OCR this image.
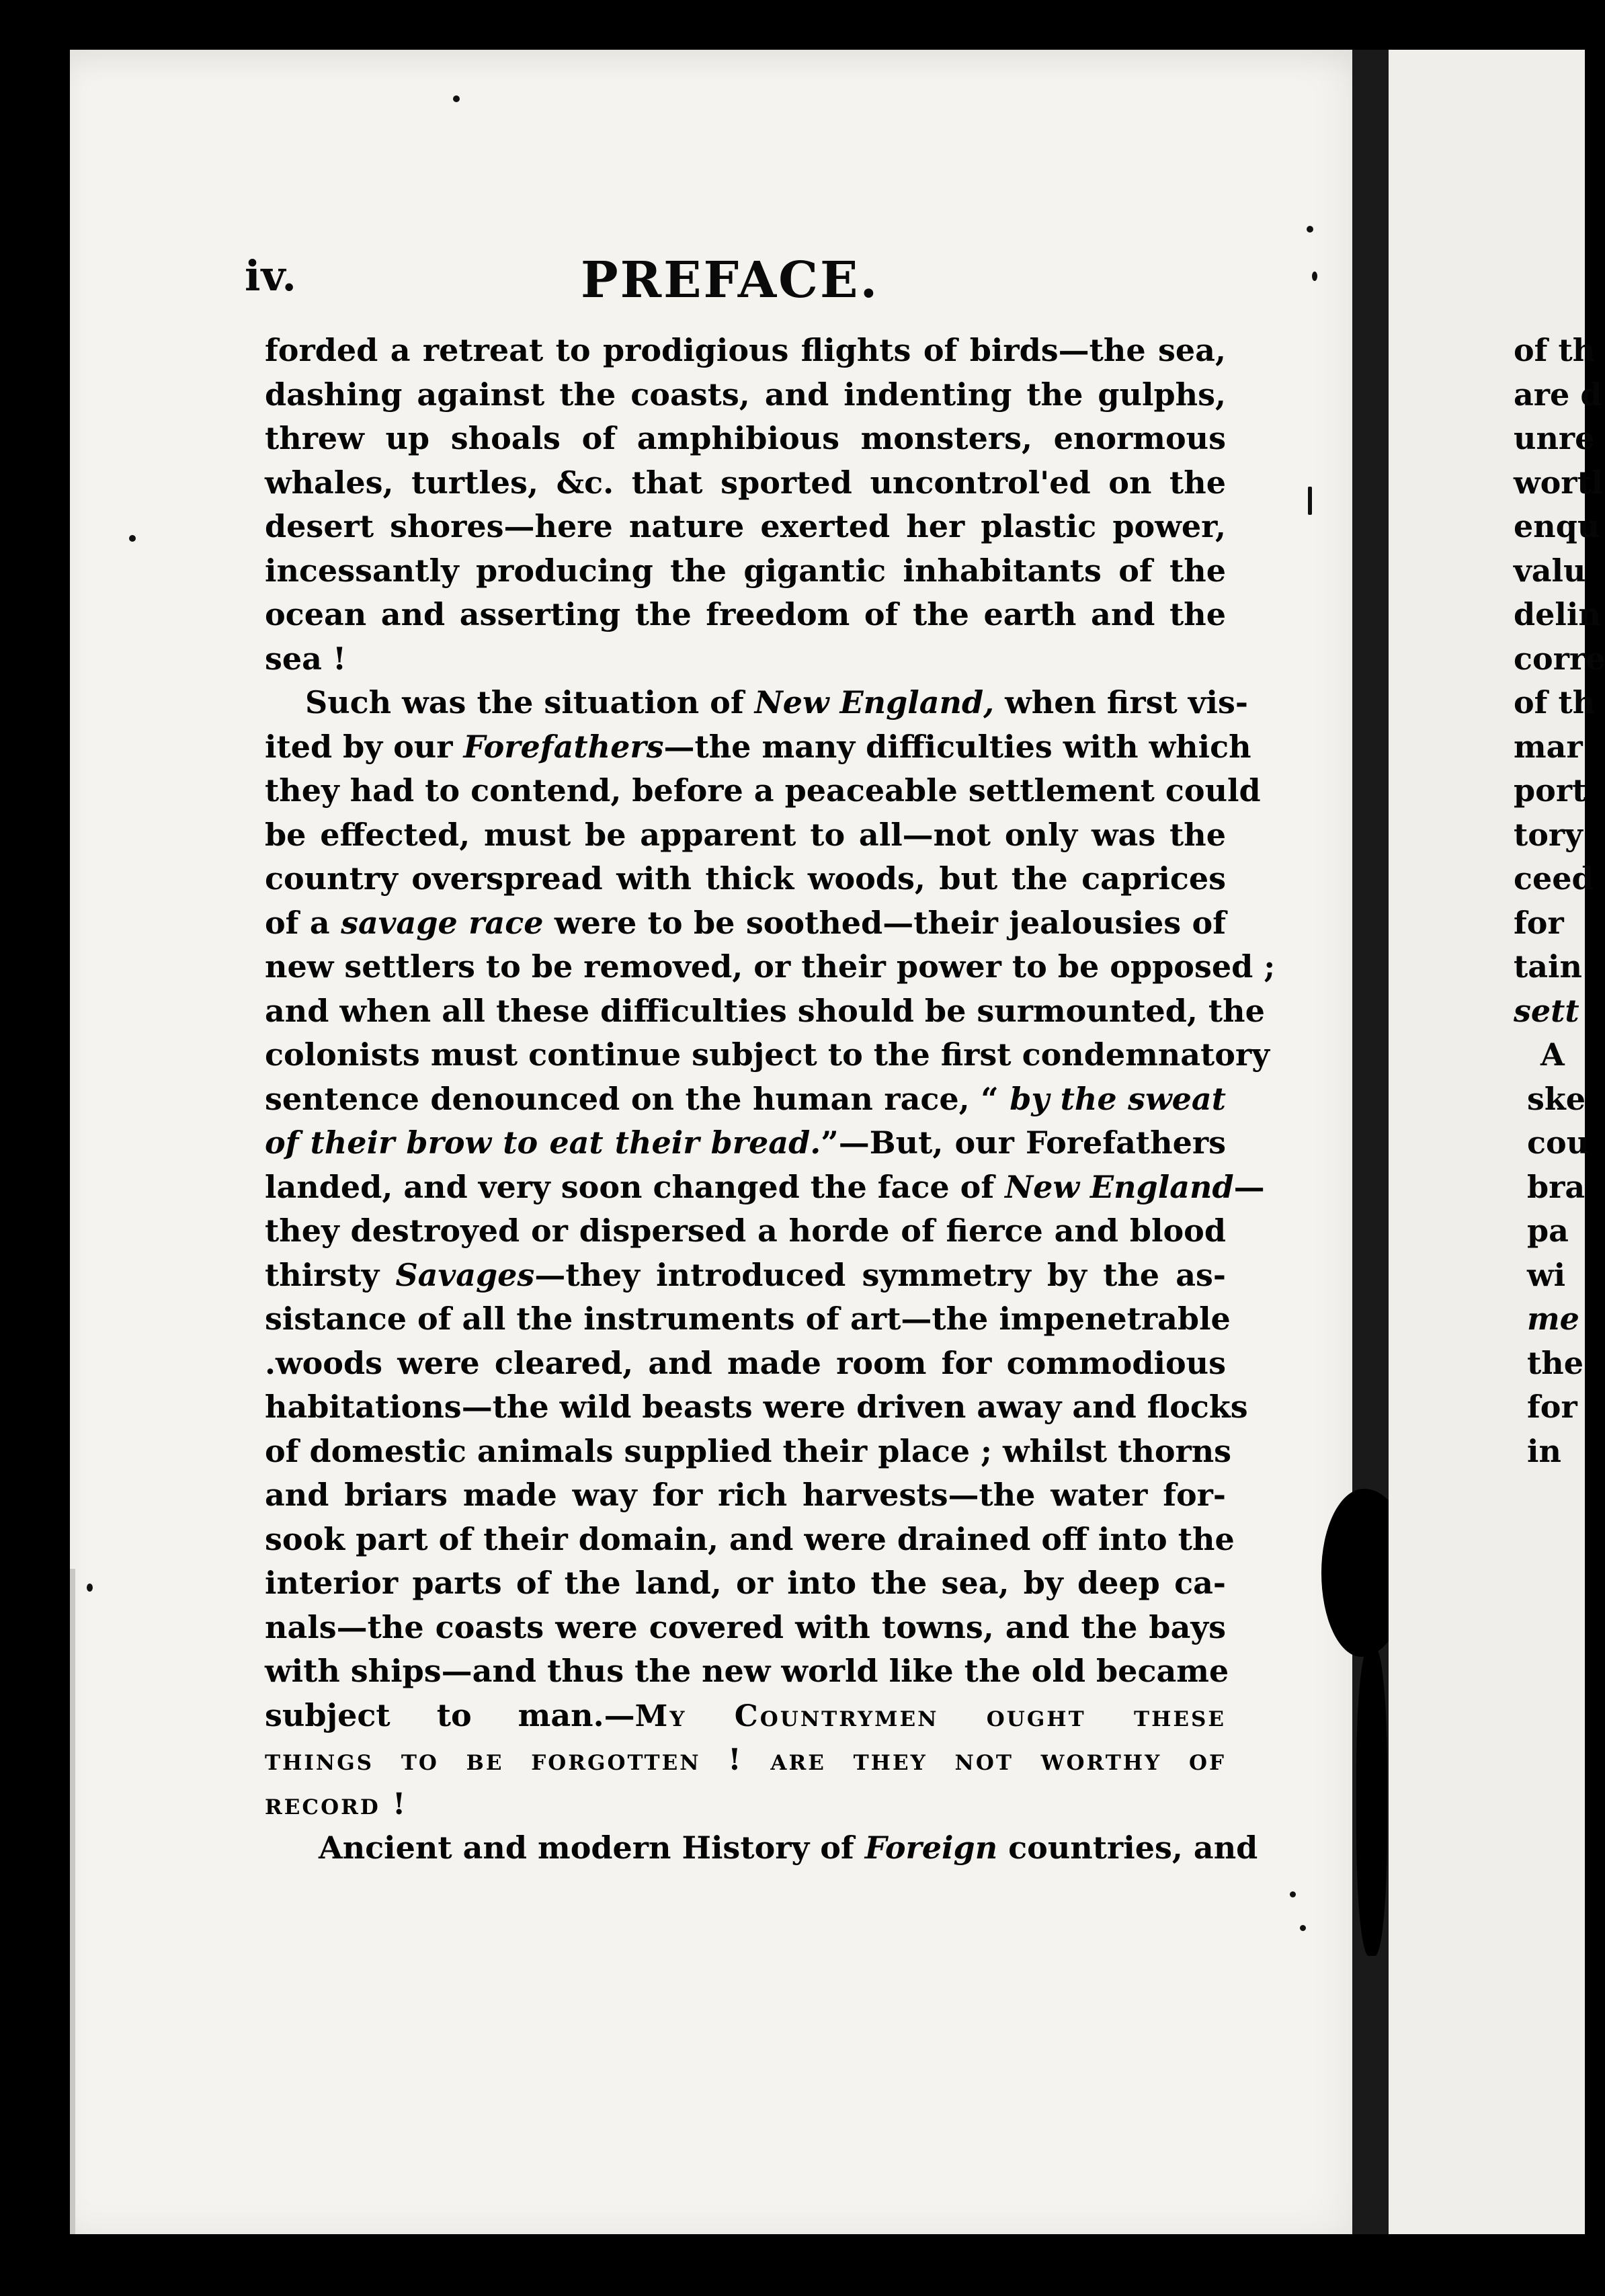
iv.	PREFACE.
forded a retreat to prodigious flights of birds—the sea,
dashing against the coasts, and indenting the gulphs,
threw up shoals of amphibious monsters, enormous
whales, turtles, &c. that sported uncontrol'ed on the
desert shores—here nature exerted her plastic power,
incessantly producing the gigantic inhabitants of the
ocean and asserting the freedom of the earth and the
sea !
Such was the situation of New England, when first vis-
ited by our Forefathers—the many difficulties with which
they had to contend, before a peaceable settlement could
be effected, must be apparent to all—not only was the
country overspread with thick woods, but the caprices
of a savage race were to be soothed—their jealousies of
new settlers to be removed, or their power to be opposed ;
and when all these difficulties should be surmounted, the
colonists must continue subject to the first condemnatory
sentence denounced on the human race, “ by the sweat
of their brow to eat their bread.”—But, our Forefathers
landed, and very soon changed the face of New England—
they destroyed or dispersed a horde of fierce and blood
thirsty Savages—they introduced symmetry by the as-
sistance of all the instruments of art—the impenetrable
.woods were cleared, and made room for commodious
habitations—the wild beasts were driven away and flocks
of domestic animals supplied their place ; whilst thorns
and briars made way for rich harvests—the water for-
sook part of their domain, and were drained off into the
interior parts of the land, or into the sea, by deep ca-
nals—the coasts were covered with towns, and the bays
with ships—and thus the new world like the old became
subject to man.—My Countrymen ought these
things to be forgotten ! are they not worthy of
record !
Ancient and modern History of Foreign countries, and
of th
are d
unre
wortl
enqu
valu
delin
corre
of th
mar
port
tory
ceed
for
tain
sett
A
ske
cou
bra
pa
wi
me
the
for
in
